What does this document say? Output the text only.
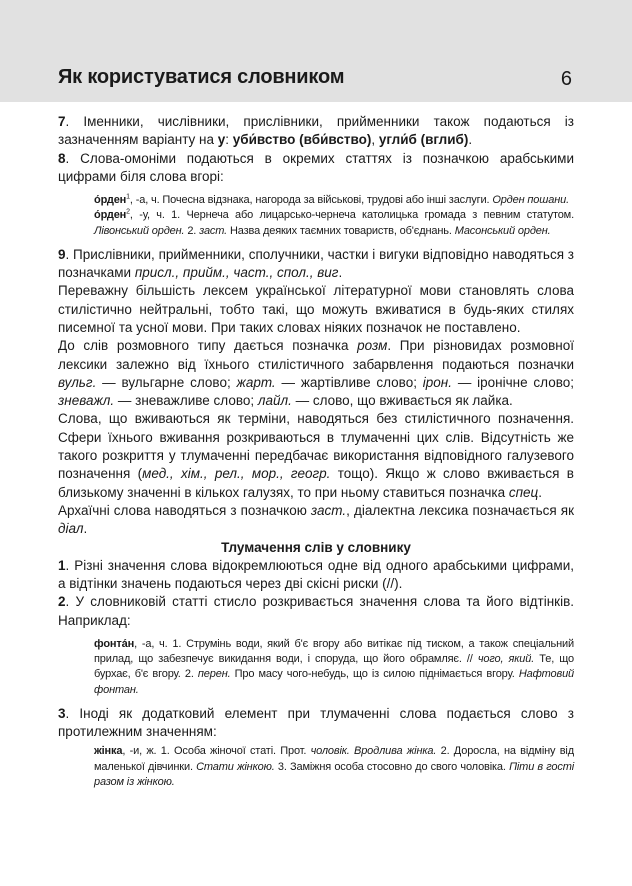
Як користуватися словником	6

7. Іменники, числівники, прислівники, прийменники також подаються із зазначенням варіанту на у: уби́вство (вби́вство), угли́б (вглиб).

8. Слова-омоніми подаються в окремих статтях із позначкою арабськими цифрами біля слова вгорі:

о́рден$^1$, -а, ч. Почесна відзнака, нагорода за військові, трудові або інші заслуги. Орден пошани.

о́рден$^2$, -у, ч. 1. Чернеча або лицарсько-чернеча католицька громада з певним статутом. Лівонський орден. 2. заст. Назва деяких таємних товариств, об'єднань. Масонський орден.

9. Прислівники, прийменники, сполучники, частки і вигуки відповідно наводяться з позначками присл., прийм., част., спол., виг.

Переважну більшість лексем української літературної мови становлять слова стилістично нейтральні, тобто такі, що можуть вживатися в будь-яких стилях писемної та усної мови. При таких словах ніяких позначок не поставлено.

До слів розмовного типу дається позначка розм. При різновидах розмовної лексики залежно від їхнього стилістичного забарвлення подаються позначки вульг. — вульгарне слово; жарт. — жартівливе слово; ірон. — іронічне слово; зневажл. — зневажливе слово; лайл. — слово, що вживається як лайка.

Слова, що вживаються як терміни, наводяться без стилістичного позначення. Сфери їхнього вживання розкриваються в тлумаченні цих слів. Відсутність же такого розкриття у тлумаченні передбачає використання відповідного галузевого позначення (мед., хім., рел., мор., геогр. тощо). Якщо ж слово вживається в близькому значенні в кількох галузях, то при ньому ставиться позначка спец.

Архаїчні слова наводяться з позначкою заст., діалектна лексика позначається як діал.

Тлумачення слів у словнику

1. Різні значення слова відокремлюються одне від одного арабськими цифрами, а відтінки значень подаються через дві скісні риски (//).

2. У словниковій статті стисло розкривається значення слова та його відтінків. Наприклад:

фонта́н, -а, ч. 1. Струмінь води, який б'є вгору або витікає під тиском, а також спеціальний прилад, що забезпечує викидання води, і споруда, що його обрамляє. // чого, який. Те, що бурхає, б'є вгору. 2. перен. Про масу чого-небудь, що із силою піднімається вгору. Нафтовий фонтан.

3. Іноді як додатковий елемент при тлумаченні слова подається слово з протилежним значенням:

жінка, -и, ж. 1. Особа жіночої статі. Прот. чоловік. Вродлива жінка. 2. Доросла, на відміну від маленької дівчинки. Стати жінкою. 3. Заміжня особа стосовно до свого чоловіка. Піти в гості разом із жінкою.
